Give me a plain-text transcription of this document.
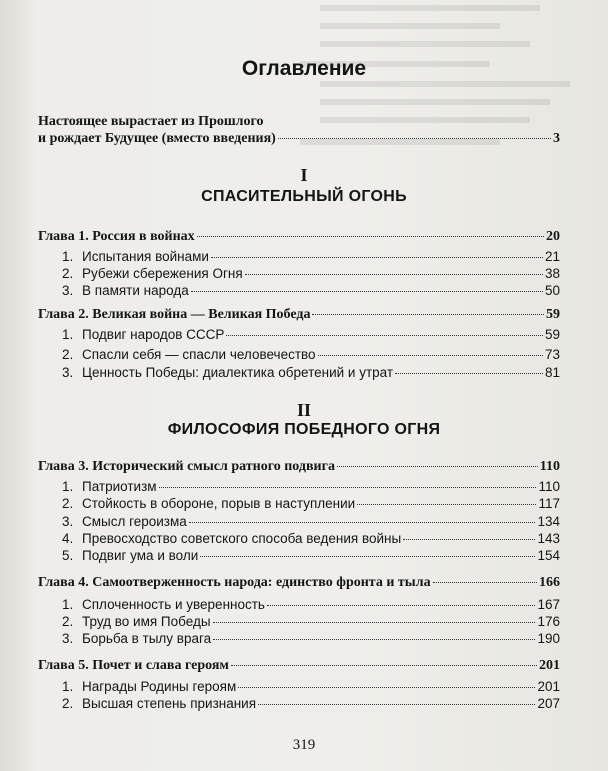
Оглавление
Настоящее вырастает из Прошлого
и рождает Будущее (вместо введения)	3
I
СПАСИТЕЛЬНЫЙ ОГОНЬ
Глава 1. Россия в войнах	20
1. Испытания войнами	21
2. Рубежи сбережения Огня	38
3. В памяти народа	50
Глава 2. Великая война — Великая Победа	59
1. Подвиг народов СССР	59
2. Спасли себя — спасли человечество	73
3. Ценность Победы: диалектика обретений и утрат	81
II
ФИЛОСОФИЯ ПОБЕДНОГО ОГНЯ
Глава 3. Исторический смысл ратного подвига	110
1. Патриотизм	110
2. Стойкость в обороне, порыв в наступлении	117
3. Смысл героизма	134
4. Превосходство советского способа ведения войны	143
5. Подвиг ума и воли	154
Глава 4. Самоотверженность народа: единство фронта и тыла	166
1. Сплоченность и уверенность	167
2. Труд во имя Победы	176
3. Борьба в тылу врага	190
Глава 5. Почет и слава героям	201
1. Награды Родины героям	201
2. Высшая степень признания	207
319
